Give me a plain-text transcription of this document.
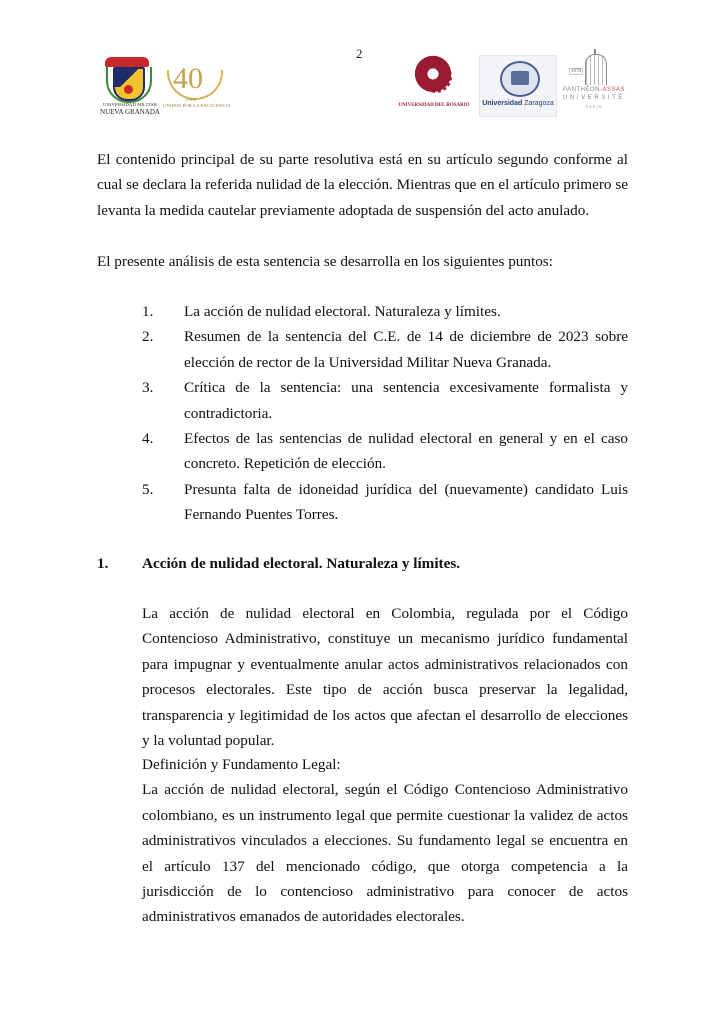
2
UNIVERSIDAD MILITAR
NUEVA GRANADA
40
AÑOS
UNIDOS POR LA EXCELENCIA	UNIVERSIDAD DEL ROSARIO	Universidad Zaragoza
1970
PANTHÉON-ASSAS
UNIVERSITÉ
PARIS

El contenido principal de su parte resolutiva está en su artículo segundo conforme al cual se declara la referida nulidad de la elección. Mientras que en el artículo primero se levanta la medida cautelar previamente adoptada de suspensión del acto anulado.

El presente análisis de esta sentencia se desarrolla en los siguientes puntos:

1. La acción de nulidad electoral. Naturaleza y límites.
2. Resumen de la sentencia del C.E. de 14 de diciembre de 2023 sobre elección de rector de la Universidad Militar Nueva Granada.
3. Crítica de la sentencia: una sentencia excesivamente formalista y contradictoria.
4. Efectos de las sentencias de nulidad electoral en general y en el caso concreto. Repetición de elección.
5. Presunta falta de idoneidad jurídica del (nuevamente) candidato Luis Fernando Puentes Torres.
1. Acción de nulidad electoral. Naturaleza y límites.

La acción de nulidad electoral en Colombia, regulada por el Código Contencioso Administrativo, constituye un mecanismo jurídico fundamental para impugnar y eventualmente anular actos administrativos relacionados con procesos electorales. Este tipo de acción busca preservar la legalidad, transparencia y legitimidad de los actos que afectan el desarrollo de elecciones y la voluntad popular.

Definición y Fundamento Legal:

La acción de nulidad electoral, según el Código Contencioso Administrativo colombiano, es un instrumento legal que permite cuestionar la validez de actos administrativos vinculados a elecciones. Su fundamento legal se encuentra en el artículo 137 del mencionado código, que otorga competencia a la jurisdicción de lo contencioso administrativo para conocer de actos administrativos emanados de autoridades electorales.
